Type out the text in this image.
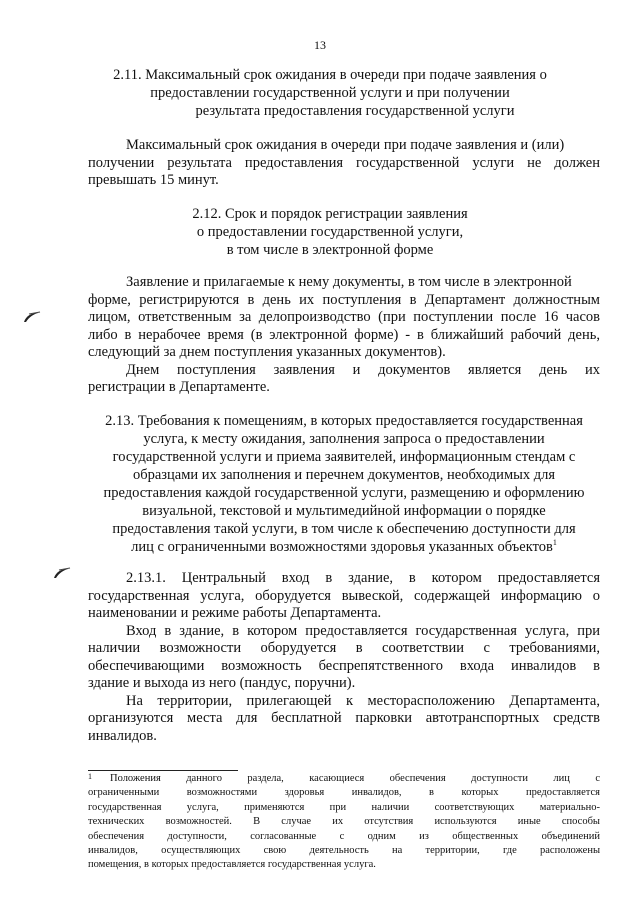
13
2.11. Максимальный срок ожидания в очереди при подаче заявления о
предоставлении государственной услуги и при получении
результата предоставления государственной услуги
Максимальный срок ожидания в очереди при подаче заявления и (или)
получении результата предоставления государственной услуги не должен
превышать 15 минут.
2.12. Срок и порядок регистрации заявления
о предоставлении государственной услуги,
в том числе в электронной форме
Заявление и прилагаемые к нему документы, в том числе в электронной
форме, регистрируются в день их поступления в Департамент должностным
лицом, ответственным за делопроизводство (при поступлении после 16 часов
либо в нерабочее время (в электронной форме) - в ближайший рабочий день,
следующий за днем поступления указанных документов).
Днем поступления заявления и документов является день их
регистрации в Департаменте.
2.13. Требования к помещениям, в которых предоставляется государственная
услуга, к месту ожидания, заполнения запроса о предоставлении
государственной услуги и приема заявителей, информационным стендам с
образцами их заполнения и перечнем документов, необходимых для
предоставления каждой государственной услуги, размещению и оформлению
визуальной, текстовой и мультимедийной информации о порядке
предоставления такой услуги, в том числе к обеспечению доступности для
лиц с ограниченными возможностями здоровья указанных объектов$^1$
2.13.1. Центральный вход в здание, в котором предоставляется
государственная услуга, оборудуется вывеской, содержащей информацию о
наименовании и режиме работы Департамента.
Вход в здание, в котором предоставляется государственная услуга, при
наличии возможности оборудуется в соответствии с требованиями,
обеспечивающими возможность беспрепятственного входа инвалидов в
здание и выхода из него (пандус, поручни).
На территории, прилегающей к месторасположению Департамента,
организуются места для бесплатной парковки автотранспортных средств
инвалидов.
1	Положения данного раздела, касающиеся обеспечения доступности лиц с
ограниченными возможностями здоровья инвалидов, в которых предоставляется
государственная услуга, применяются при наличии соответствующих материально-
технических возможностей. В случае их отсутствия используются иные способы
обеспечения доступности, согласованные с одним из общественных объединений
инвалидов, осуществляющих свою деятельность на территории, где расположены
помещения, в которых предоставляется государственная услуга.
